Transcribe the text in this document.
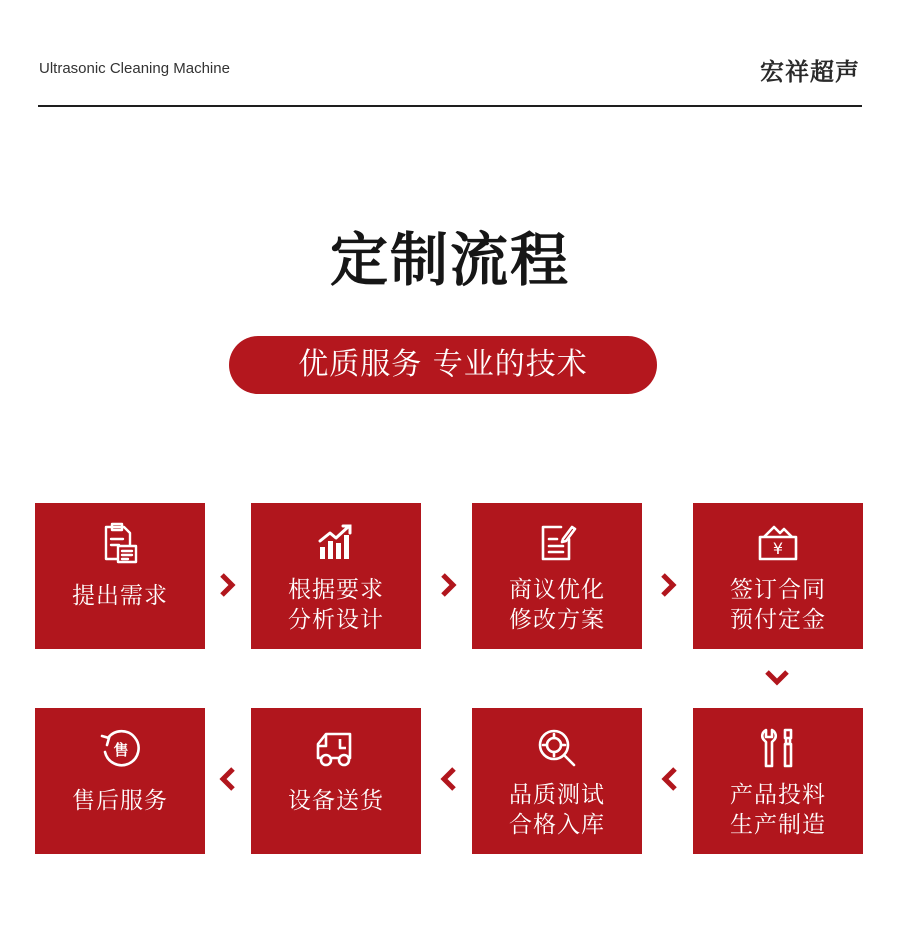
Ultrasonic Cleaning Machine	宏祥超声
定制流程
优质服务 专业的技术
提出需求	根据要求
分析设计
商议优化
修改方案
¥
签订合同
预付定金
售
售后服务	设备送货	品质测试
合格入库
产品投料
生产制造
